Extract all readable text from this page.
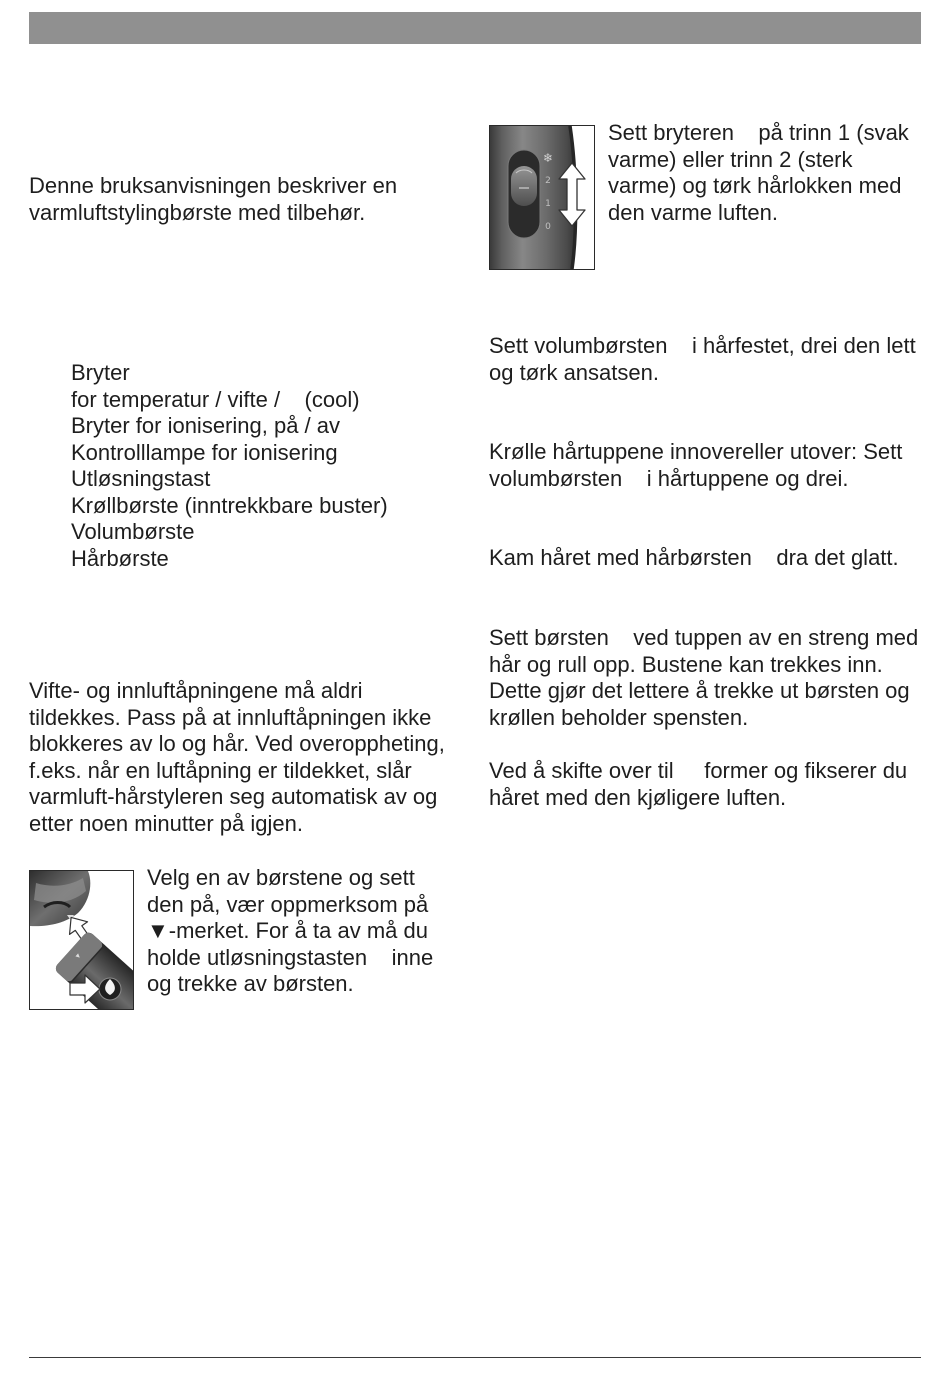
Denne bruksanvisningen beskriver en
varmluftstylingbørste med tilbehør.
Bryter
for temperatur / vifte /    (cool)
Bryter for ionisering, på / av
Kontrolllampe for ionisering
Utløsningstast
Krøllbørste (inntrekkbare buster)
Volumbørste
Hårbørste
Vifte- og innluftåpningene må aldri
tildekkes. Pass på at innluftåpningen ikke
blokkeres av lo og hår. Ved overoppheting,
f.eks. når en luftåpning er tildekket, slår
varmluft-hårstyleren seg automatisk av og
etter noen minutter på igjen.
Velg en av børstene og sett
den på, vær oppmerksom på
▼-merket. For å ta av må du
holde utløsningstasten    inne
og trekke av børsten.
❄
2
1
0
Sett bryteren    på trinn 1 (svak
varme) eller trinn 2 (sterk
varme) og tørk hårlokken med
den varme luften.
Sett volumbørsten    i hårfestet, drei den lett
og tørk ansatsen.
Krølle hårtuppene innovereller utover: Sett
volumbørsten    i hårtuppene og drei.
Kam håret med hårbørsten    dra det glatt.
Sett børsten    ved tuppen av en streng med
hår og rull opp. Bustene kan trekkes inn.
Dette gjør det lettere å trekke ut børsten og
krøllen beholder spensten.
Ved å skifte over til     former og fikserer du
håret med den kjøligere luften.
